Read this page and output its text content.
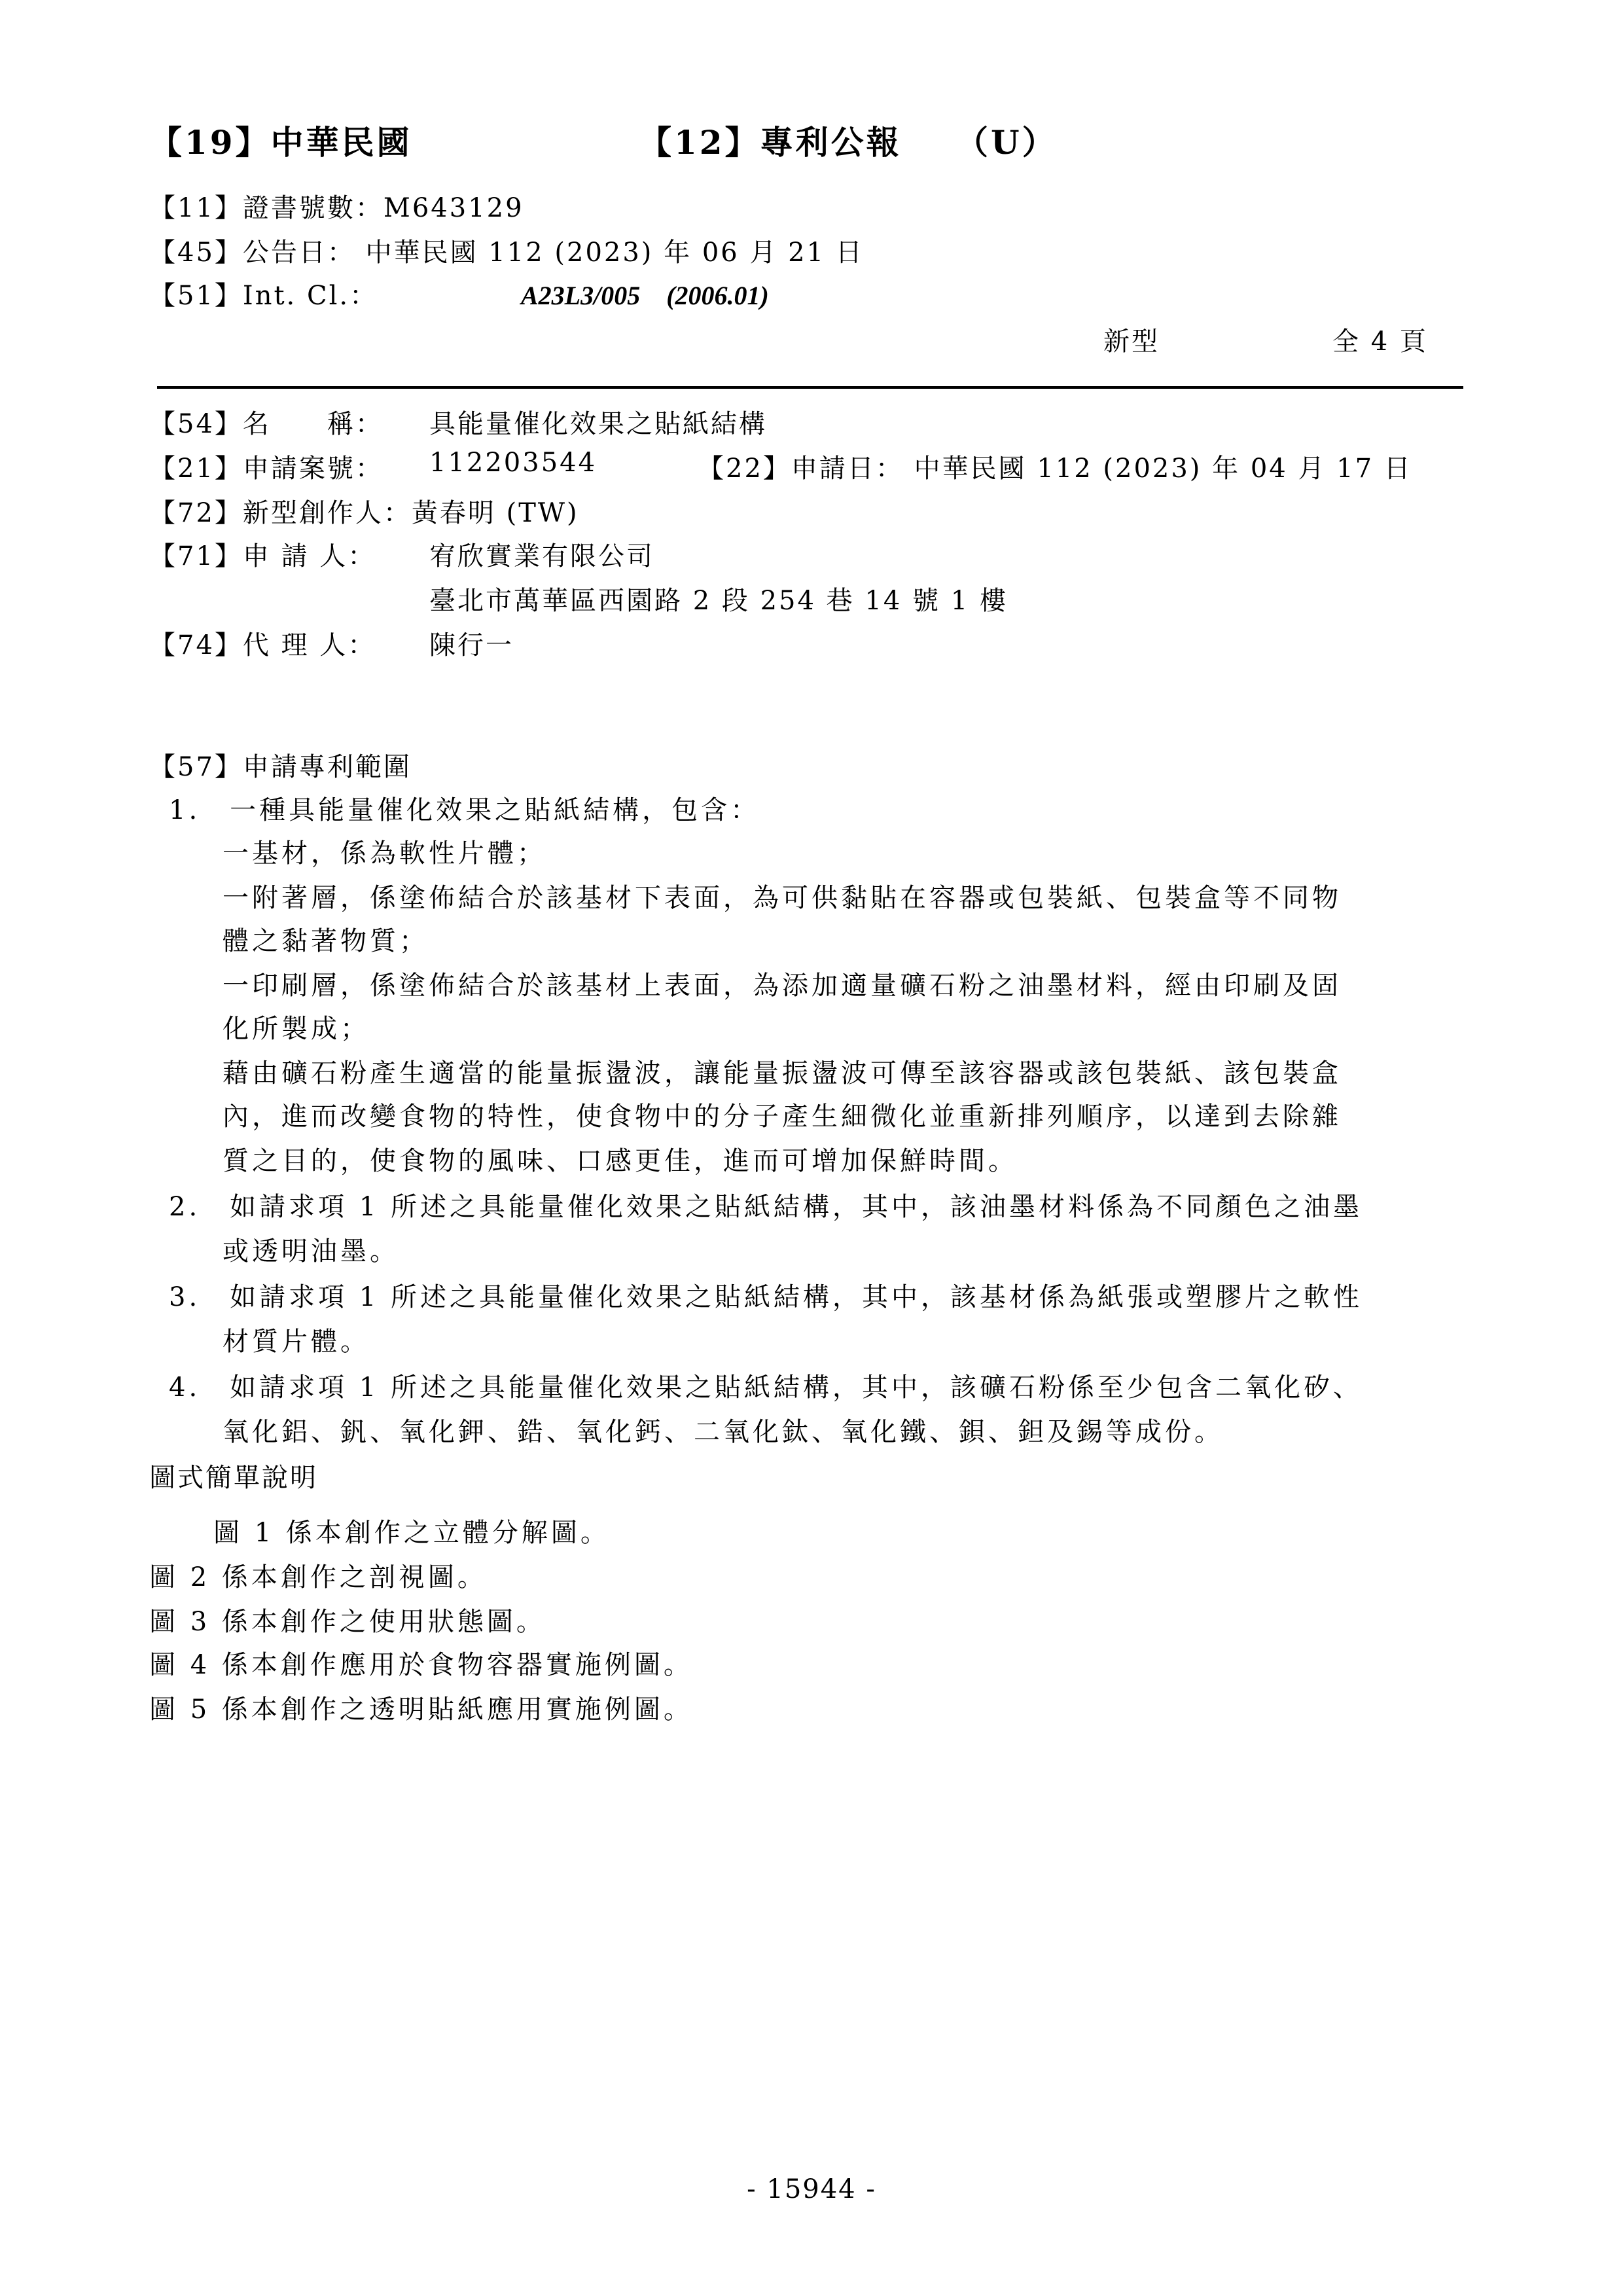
【19】中華民國	【12】專利公報 （U）
【11】證書號數：M643129
【45】公告日： 中華民國 112 (2023) 年 06 月 21 日
【51】Int. Cl.：	A23L3/005　(2006.01)
新型	全 4 頁
【54】名　　稱： 具能量催化效果之貼紙結構
【21】申請案號： 112203544	【22】申請日： 中華民國 112 (2023) 年 04 月 17 日
【72】新型創作人：黃春明 (TW)
【71】申 請 人： 宥欣實業有限公司
臺北市萬華區西園路 2 段 254 巷 14 號 1 樓
【74】代 理 人： 陳行一
【57】申請專利範圍
1.　一種具能量催化效果之貼紙結構，包含：
一基材，係為軟性片體；
一附著層，係塗佈結合於該基材下表面，為可供黏貼在容器或包裝紙、包裝盒等不同物
體之黏著物質；
一印刷層，係塗佈結合於該基材上表面，為添加適量礦石粉之油墨材料，經由印刷及固
化所製成；
藉由礦石粉產生適當的能量振盪波，讓能量振盪波可傳至該容器或該包裝紙、該包裝盒
內，進而改變食物的特性，使食物中的分子產生細微化並重新排列順序，以達到去除雜
質之目的，使食物的風味、口感更佳，進而可增加保鮮時間。
2.　如請求項 1 所述之具能量催化效果之貼紙結構，其中，該油墨材料係為不同顏色之油墨
或透明油墨。
3.　如請求項 1 所述之具能量催化效果之貼紙結構，其中，該基材係為紙張或塑膠片之軟性
材質片體。
4.　如請求項 1 所述之具能量催化效果之貼紙結構，其中，該礦石粉係至少包含二氧化矽、
氧化鋁、釩、氧化鉀、鋯、氧化鈣、二氧化鈦、氧化鐵、鋇、鉭及錫等成份。
圖式簡單說明
圖 1 係本創作之立體分解圖。
圖 2 係本創作之剖視圖。
圖 3 係本創作之使用狀態圖。
圖 4 係本創作應用於食物容器實施例圖。
圖 5 係本創作之透明貼紙應用實施例圖。
- 15944 -
